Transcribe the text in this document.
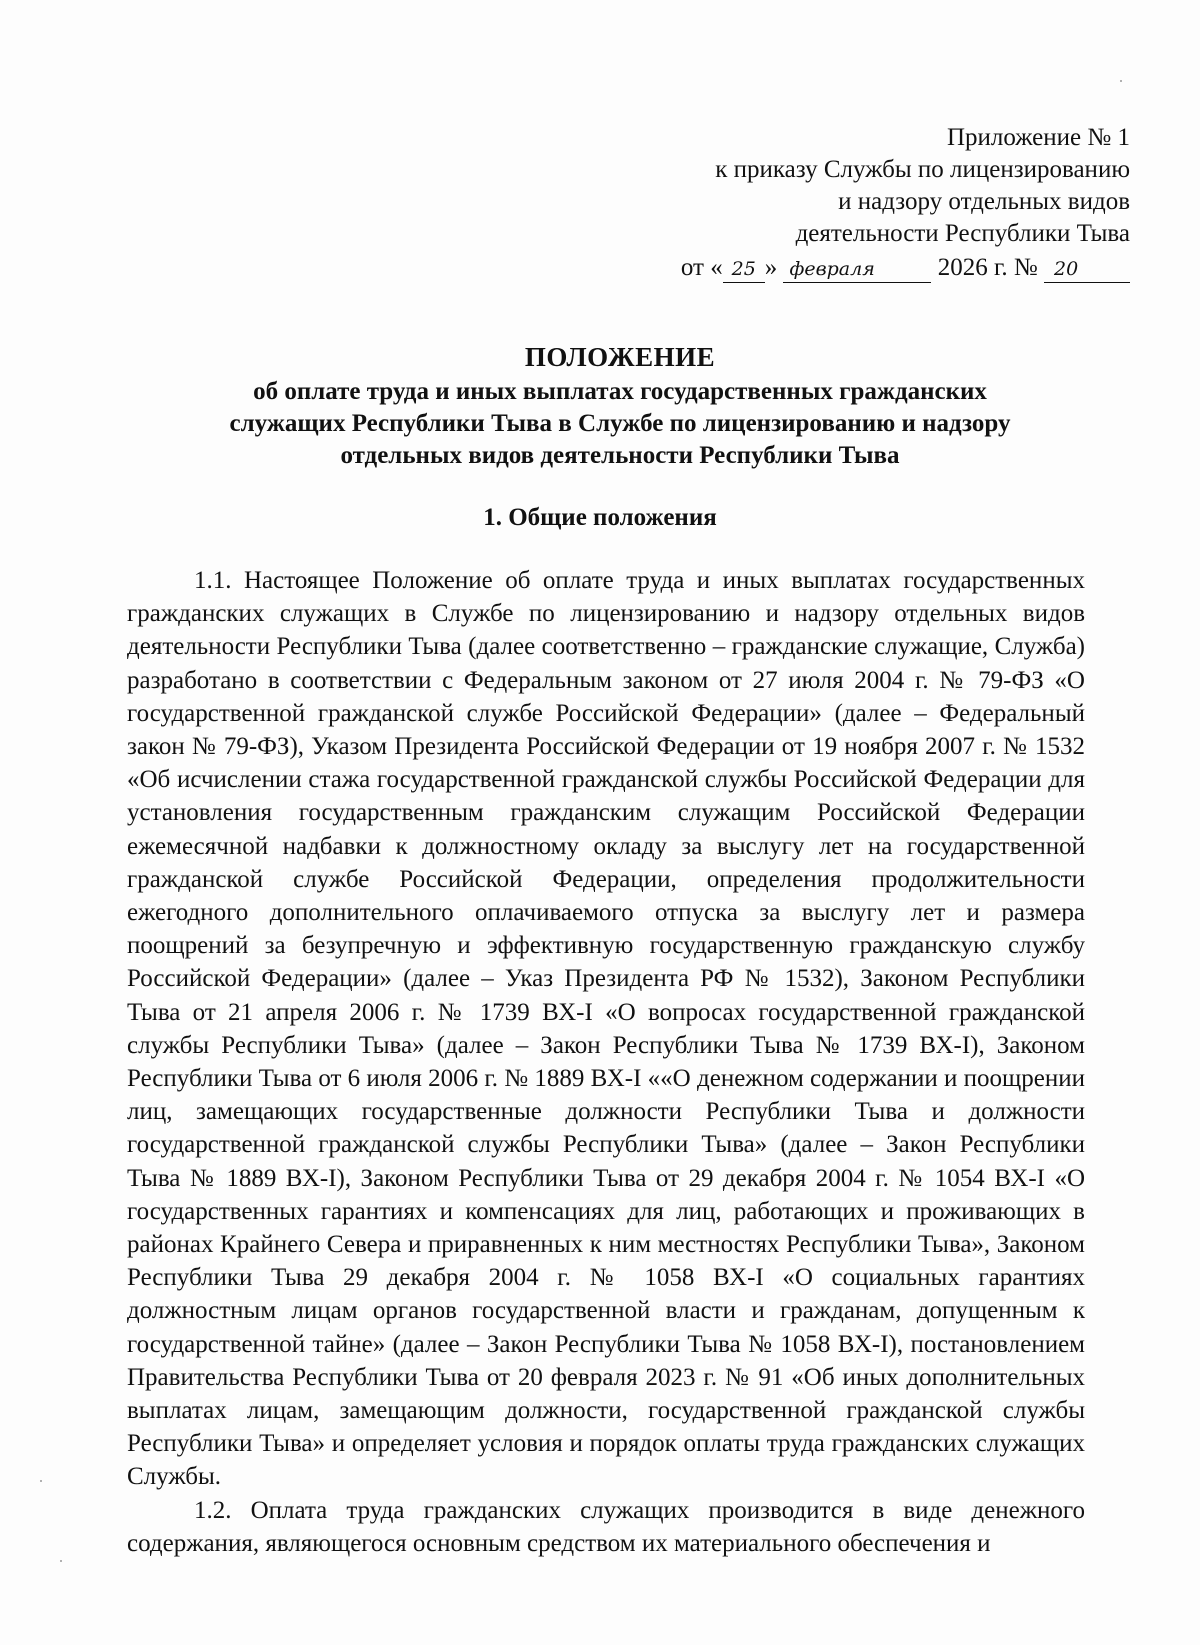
Приложение № 1
к приказу Службы по лицензированию
и надзору отдельных видов
деятельности Республики Тыва
от « 25 » февраля	2026 г. № 20
ПОЛОЖЕНИЕ
об оплате труда и иных выплатах государственных гражданских
служащих Республики Тыва в Службе по лицензированию и надзору
отдельных видов деятельности Республики Тыва
1. Общие положения

1.1. Настоящее Положение об оплате труда и иных выплатах государственных гражданских служащих в Службе по лицензированию и надзору отдельных видов деятельности Республики Тыва (далее соответственно – гражданские служащие, Служба) разработано в соответствии с Федеральным законом от 27 июля 2004 г. № 79-ФЗ «О государственной гражданской службе Российской Федерации» (далее – Федеральный закон № 79-ФЗ), Указом Президента Российской Федерации от 19 ноября 2007 г. № 1532 «Об исчислении стажа государственной гражданской службы Российской Федерации для установления государственным гражданским служащим Российской Федерации ежемесячной надбавки к должностному окладу за выслугу лет на государственной гражданской службе Российской Федерации, определения продолжительности ежегодного дополнительного оплачиваемого отпуска за выслугу лет и размера поощрений за безупречную и эффективную государственную гражданскую службу Российской Федерации» (далее – Указ Президента РФ № 1532), Законом Республики Тыва от 21 апреля 2006 г. № 1739 ВХ-I «О вопросах государственной гражданской службы Республики Тыва» (далее – Закон Республики Тыва № 1739 ВХ-I), Законом Республики Тыва от 6 июля 2006 г. № 1889 ВХ-I ««О денежном содержании и поощрении лиц, замещающих государственные должности Республики Тыва и должности государственной гражданской службы Республики Тыва» (далее – Закон Республики Тыва № 1889 ВХ-I), Законом Республики Тыва от 29 декабря 2004 г. № 1054 ВХ-I «О государственных гарантиях и компенсациях для лиц, работающих и проживающих в районах Крайнего Севера и приравненных к ним местностях Республики Тыва», Законом Республики Тыва 29 декабря 2004 г. № 1058 ВХ-I «О социальных гарантиях должностным лицам органов государственной власти и гражданам, допущенным к государственной тайне» (далее – Закон Республики Тыва № 1058 ВХ-I), постановлением Правительства Республики Тыва от 20 февраля 2023 г. № 91 «Об иных дополнительных выплатах лицам, замещающим должности, государственной гражданской службы Республики Тыва» и определяет условия и порядок оплаты труда гражданских служащих Службы.

1.2. Оплата труда гражданских служащих производится в виде денежного содержания, являющегося основным средством их материального обеспечения и
